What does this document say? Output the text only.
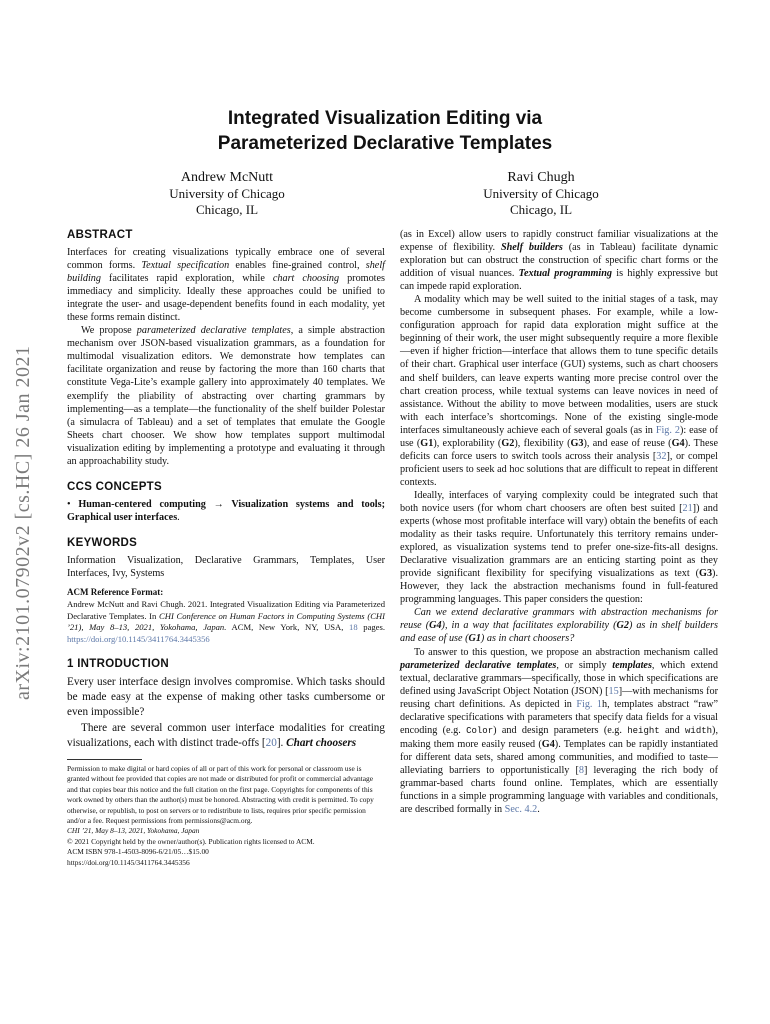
Integrated Visualization Editing via
Parameterized Declarative Templates
Andrew McNutt
University of Chicago
Chicago, IL
Ravi Chugh
University of Chicago
Chicago, IL
arXiv:2101.07902v2 [cs.HC] 26 Jan 2021
ABSTRACT

Interfaces for creating visualizations typically embrace one of several common forms. Textual specification enables fine-grained control, shelf building facilitates rapid exploration, while chart choosing promotes immediacy and simplicity. Ideally these approaches could be unified to integrate the user- and usage-dependent benefits found in each modality, yet these forms remain distinct.

We propose parameterized declarative templates, a simple abstraction mechanism over JSON-based visualization grammars, as a foundation for multimodal visualization editors. We demonstrate how templates can facilitate organization and reuse by factoring the more than 160 charts that constitute Vega-Lite’s example gallery into approximately 40 templates. We exemplify the pliability of abstracting over charting grammars by implementing—as a template—the functionality of the shelf builder Polestar (a simulacra of Tableau) and a set of templates that emulate the Google Sheets chart chooser. We show how templates support multimodal visualization editing by implementing a prototype and evaluating it through an approachability study.

CCS CONCEPTS

• Human-centered computing → Visualization systems and tools; Graphical user interfaces.

KEYWORDS

Information Visualization, Declarative Grammars, Templates, User Interfaces, Ivy, Systems

ACM Reference Format:

Andrew McNutt and Ravi Chugh. 2021. Integrated Visualization Editing via Parameterized Declarative Templates. In CHI Conference on Human Factors in Computing Systems (CHI ’21), May 8–13, 2021, Yokohama, Japan. ACM, New York, NY, USA, 18 pages. https://doi.org/10.1145/3411764.3445356

1 INTRODUCTION

Every user interface design involves compromise. Which tasks should be made easy at the expense of making other tasks cumbersome or even impossible?

There are several common user interface modalities for creating visualizations, each with distinct trade-offs [20]. Chart choosers

Permission to make digital or hard copies of all or part of this work for personal or classroom use is granted without fee provided that copies are not made or distributed for profit or commercial advantage and that copies bear this notice and the full citation on the first page. Copyrights for components of this work owned by others than the author(s) must be honored. Abstracting with credit is permitted. To copy otherwise, or republish, to post on servers or to redistribute to lists, requires prior specific permission and/or a fee. Request permissions from permissions@acm.org.
CHI ’21, May 8–13, 2021, Yokohama, Japan
© 2021 Copyright held by the owner/author(s). Publication rights licensed to ACM.
ACM ISBN 978-1-4503-8096-6/21/05…$15.00
https://doi.org/10.1145/3411764.3445356

(as in Excel) allow users to rapidly construct familiar visualizations at the expense of flexibility. Shelf builders (as in Tableau) facilitate dynamic exploration but can obstruct the construction of specific chart forms or the addition of visual nuances. Textual programming is highly expressive but can impede rapid exploration.

A modality which may be well suited to the initial stages of a task, may become cumbersome in subsequent phases. For example, while a low-configuration approach for rapid data exploration might suffice at the beginning of their work, the user might subsequently require a more flexible—even if higher friction—interface that allows them to tune specific details of their chart. Graphical user interface (GUI) systems, such as chart choosers and shelf builders, can leave experts wanting more precise control over the chart creation process, while textual systems can leave novices in need of assistance. Without the ability to move between modalities, users are stuck with each interface’s shortcomings. None of the existing single-mode interfaces simultaneously achieve each of several goals (as in Fig. 2): ease of use (G1), explorability (G2), flexibility (G3), and ease of reuse (G4). These deficits can force users to switch tools across their analysis [32], or compel proficient users to seek ad hoc solutions that are difficult to repeat in different contexts.

Ideally, interfaces of varying complexity could be integrated such that both novice users (for whom chart choosers are often best suited [21]) and experts (whose most profitable interface will vary) obtain the benefits of each modality as their tasks require. Unfortunately this territory remains under-explored, as visualization systems tend to prefer one-size-fits-all designs. Declarative visualization grammars are an enticing starting point as they provide significant flexibility for specifying visualizations as text (G3). However, they lack the abstraction mechanisms found in full-featured programming languages. This paper considers the question:

Can we extend declarative grammars with abstraction mechanisms for reuse (G4), in a way that facilitates explorability (G2) as in shelf builders and ease of use (G1) as in chart choosers?

To answer to this question, we propose an abstraction mechanism called parameterized declarative templates, or simply templates, which extend textual, declarative grammars—specifically, those in which specifications are defined using JavaScript Object Notation (JSON) [15]—with mechanisms for reusing chart definitions. As depicted in Fig. 1h, templates abstract “raw” declarative specifications with parameters that specify data fields for a visual encoding (e.g. Color) and design parameters (e.g. height and width), making them more easily reused (G4). Templates can be rapidly instantiated for different data sets, shared among communities, and modified to taste—alleviating barriers to opportunistically [8] leveraging the rich body of grammar-based charts found online. Templates, which are essentially functions in a simple programming language with variables and conditionals, are described formally in Sec. 4.2.
